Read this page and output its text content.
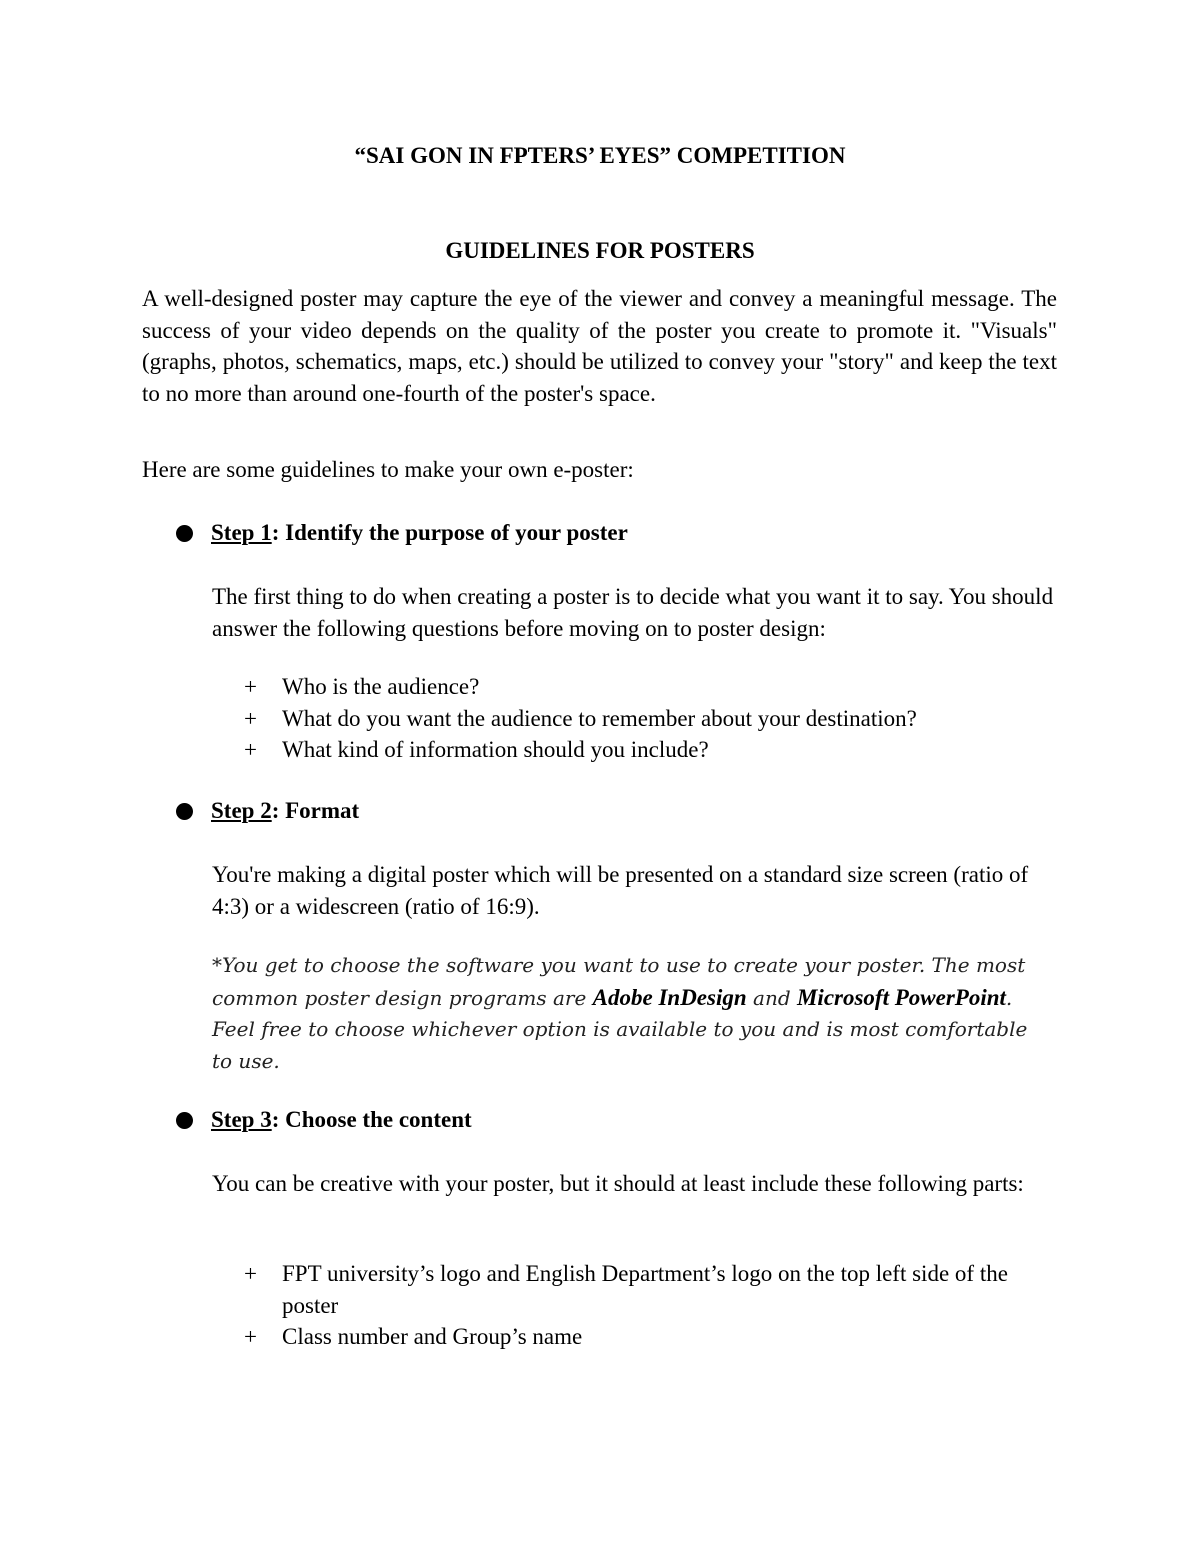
“SAI GON IN FPTERS’ EYES” COMPETITION
GUIDELINES FOR POSTERS

A well-designed poster may capture the eye of the viewer and convey a meaningful message. The success of your video depends on the quality of the poster you create to promote it. "Visuals" (graphs, photos, schematics, maps, etc.) should be utilized to convey your "story" and keep the text to no more than around one-fourth of the poster's space.

Here are some guidelines to make your own e-poster:

Step 1 : Identify the purpose of your poster

The first thing to do when creating a poster is to decide what you want it to say. You should answer the following questions before moving on to poster design:

+ Who is the audience?
+ What do you want the audience to remember about your destination?
+ What kind of information should you include?
Step 2 : Format

You're making a digital poster which will be presented on a standard size screen (ratio of 4:3) or a widescreen (ratio of 16:9).

*You get to choose the software you want to use to create your poster. The most common poster design programs are Adobe InDesign and Microsoft PowerPoint. Feel free to choose whichever option is available to you and is most comfortable to use.

Step 3 : Choose the content

You can be creative with your poster, but it should at least include these following parts:

+ FPT university’s logo and English Department’s logo on the top left side of the poster
+ Class number and Group’s name
